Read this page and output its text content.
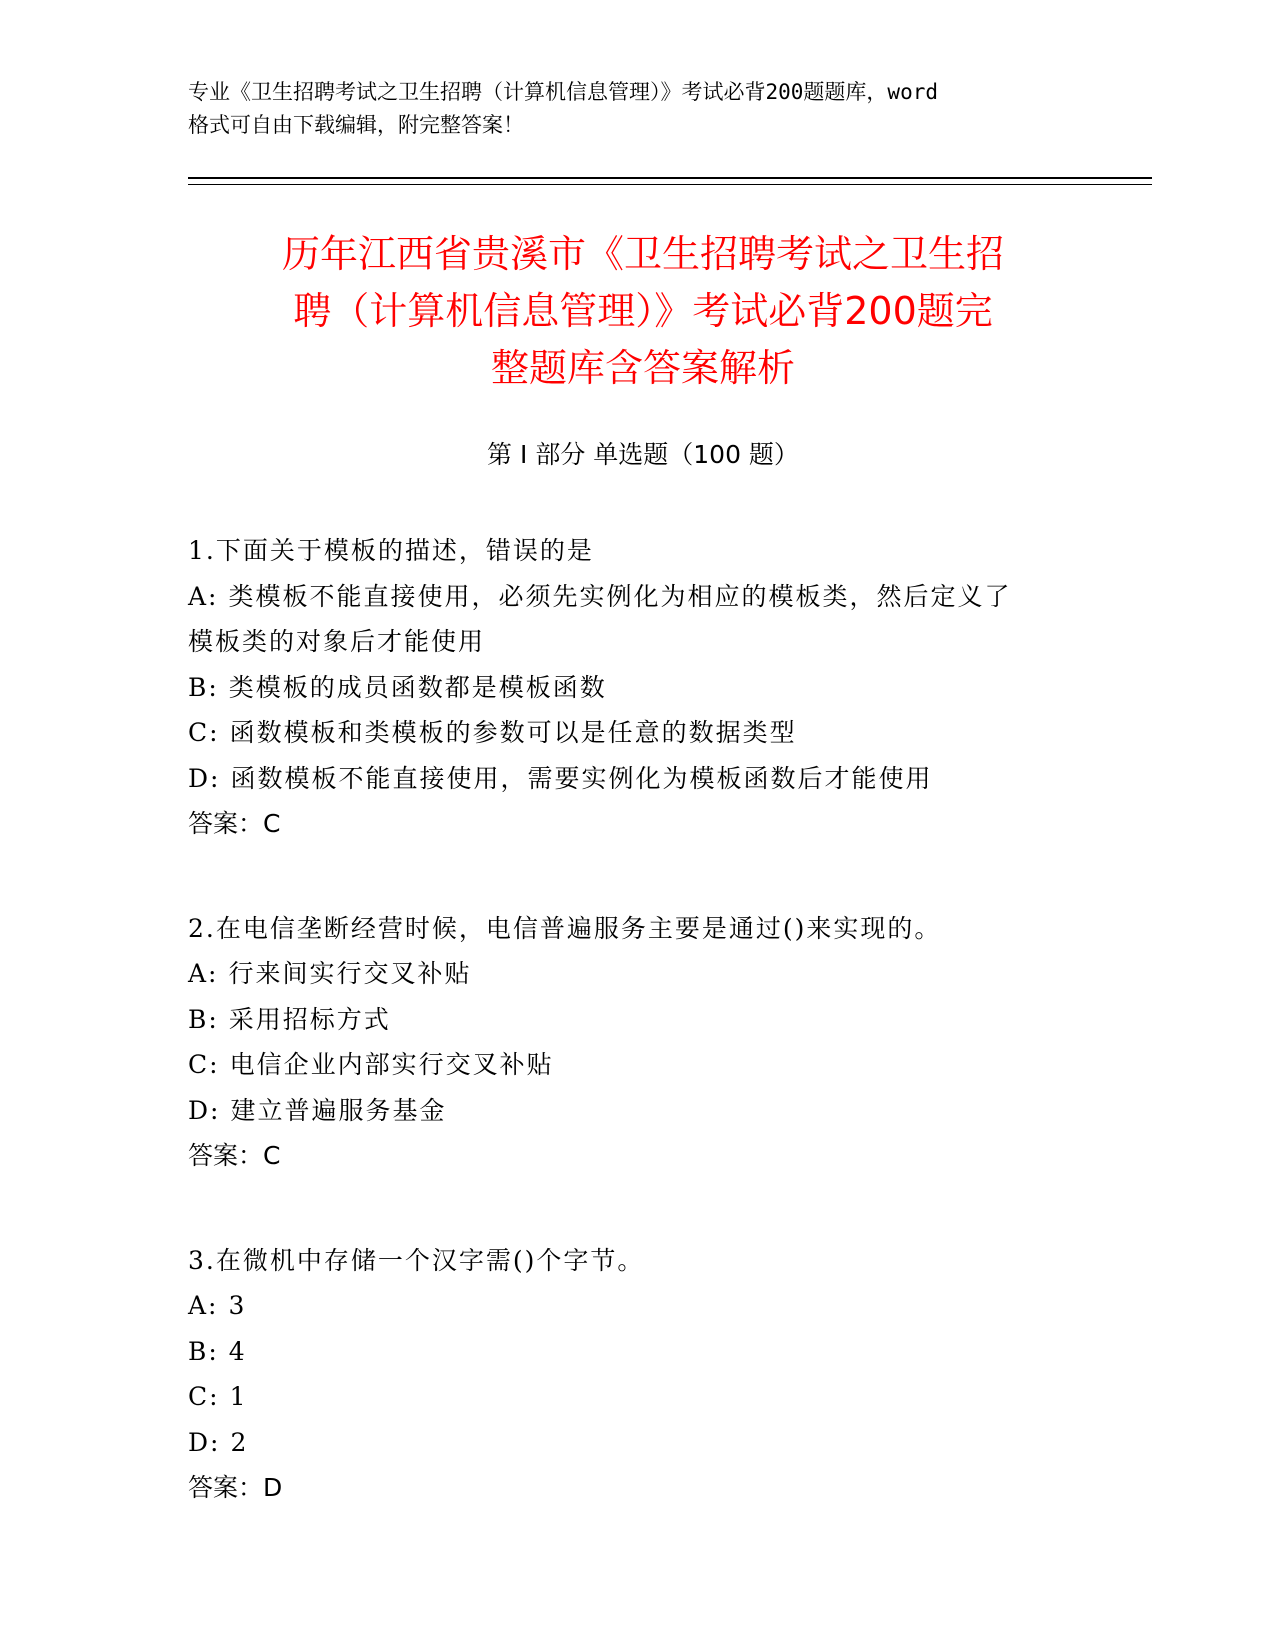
专业《卫生招聘考试之卫生招聘（计算机信息管理）》考试必背200题题库，word
格式可自由下载编辑，附完整答案！
历年江西省贵溪市《卫生招聘考试之卫生招
聘（计算机信息管理）》考试必背200题完
整题库含答案解析
第 I 部分 单选题（100 题）
1.下面关于模板的描述，错误的是
A: 类模板不能直接使用，必须先实例化为相应的模板类，然后定义了
模板类的对象后才能使用
B: 类模板的成员函数都是模板函数
C: 函数模板和类模板的参数可以是任意的数据类型
D: 函数模板不能直接使用，需要实例化为模板函数后才能使用
答案：C
2.在电信垄断经营时候，电信普遍服务主要是通过()来实现的。
A: 行来间实行交叉补贴
B: 采用招标方式
C: 电信企业内部实行交叉补贴
D: 建立普遍服务基金
答案：C
3.在微机中存储一个汉字需()个字节。
A: 3
B: 4
C: 1
D: 2
答案：D
